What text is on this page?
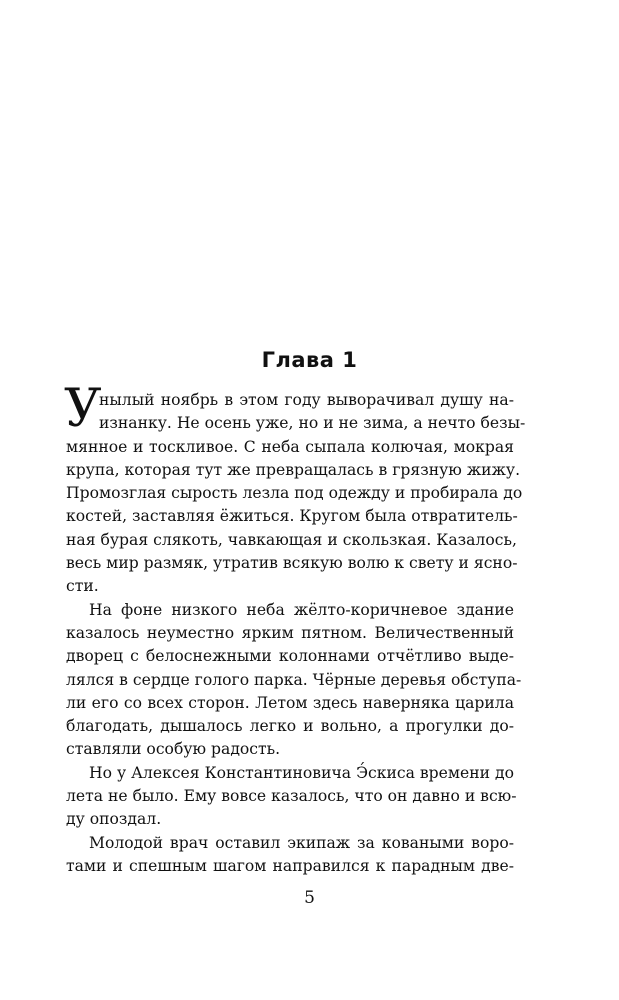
Глава 1
У
нылый ноябрь в этом году выворачивал душу на-
изнанку. Не осень уже, но и не зима, а нечто безы-
мянное и тоскливое. С неба сыпала колючая, мокрая
крупа, которая тут же превращалась в грязную жижу.
Промозглая сырость лезла под одежду и пробирала до
костей, заставляя ёжиться. Кругом была отвратитель-
ная бурая слякоть, чавкающая и скользкая. Казалось,
весь мир размяк, утратив всякую волю к свету и ясно-
сти.
На фоне низкого неба жёлто-коричневое здание
казалось неуместно ярким пятном. Величественный
дворец с белоснежными колоннами отчётливо выде-
лялся в сердце голого парка. Чёрные деревья обступа-
ли его со всех сторон. Летом здесь наверняка царила
благодать, дышалось легко и вольно, а прогулки до-
ставляли особую радость.
Но у Алексея Константиновича Э́скиса времени до
лета не было. Ему вовсе казалось, что он давно и всю-
ду опоздал.
Молодой врач оставил экипаж за коваными воро-
тами и спешным шагом направился к парадным две-

5
